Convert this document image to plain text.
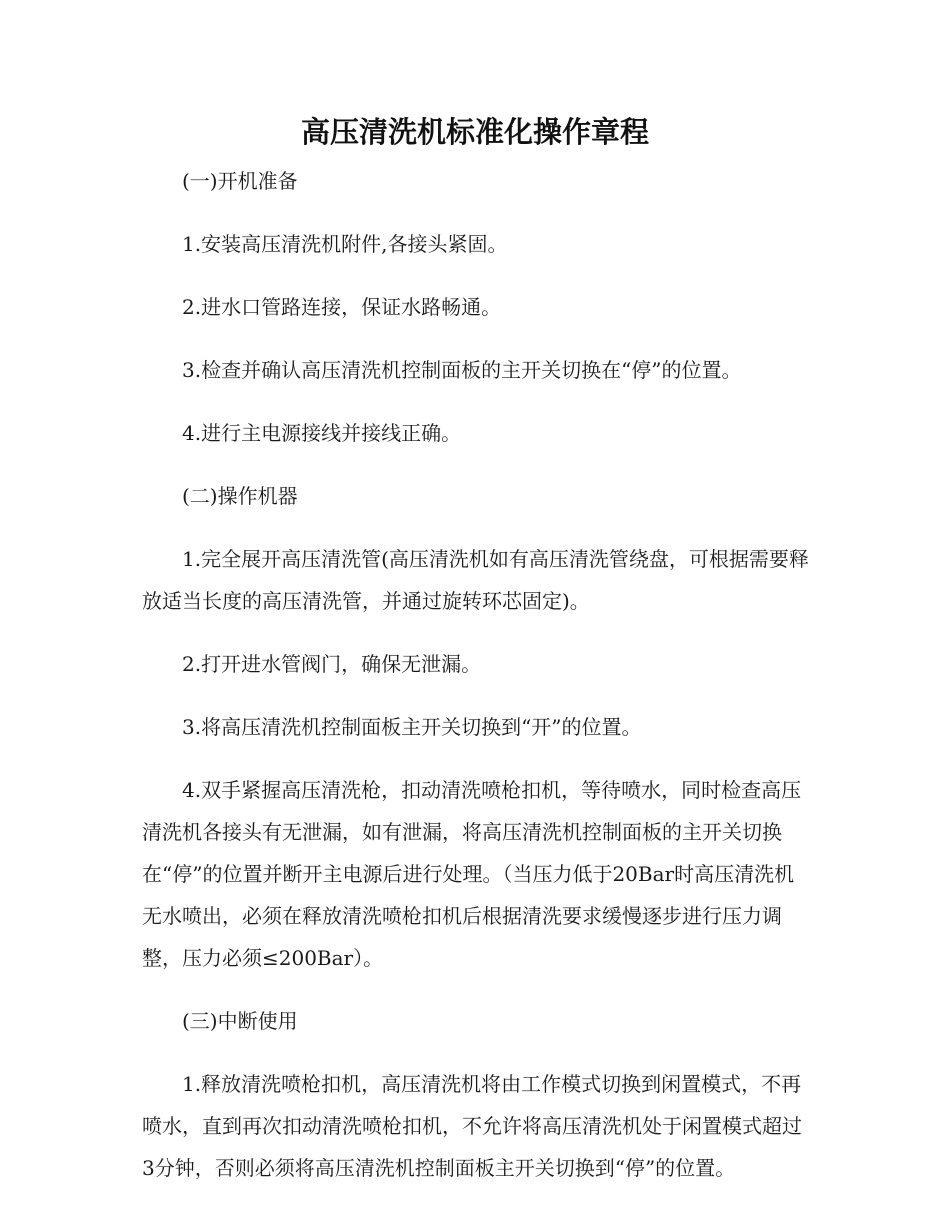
高压清洗机标准化操作章程

(一)开机准备

1.安装高压清洗机附件,各接头紧固。

2.进水口管路连接，保证水路畅通。

3.检查并确认高压清洗机控制面板的主开关切换在“停”的位置。

4.进行主电源接线并接线正确。

(二)操作机器

1.完全展开高压清洗管(高压清洗机如有高压清洗管绕盘，可根据需要释放适当长度的高压清洗管，并通过旋转环芯固定)。

2.打开进水管阀门，确保无泄漏。

3.将高压清洗机控制面板主开关切换到“开”的位置。

4.双手紧握高压清洗枪，扣动清洗喷枪扣机，等待喷水，同时检查高压清洗机各接头有无泄漏，如有泄漏，将高压清洗机控制面板的主开关切换在“停”的位置并断开主电源后进行处理。（当压力低于20Bar时高压清洗机无水喷出，必须在释放清洗喷枪扣机后根据清洗要求缓慢逐步进行压力调整，压力必须≤200Bar）。

(三)中断使用

1.释放清洗喷枪扣机，高压清洗机将由工作模式切换到闲置模式，不再喷水，直到再次扣动清洗喷枪扣机，不允许将高压清洗机处于闲置模式超过3分钟，否则必须将高压清洗机控制面板主开关切换到“停”的位置。
